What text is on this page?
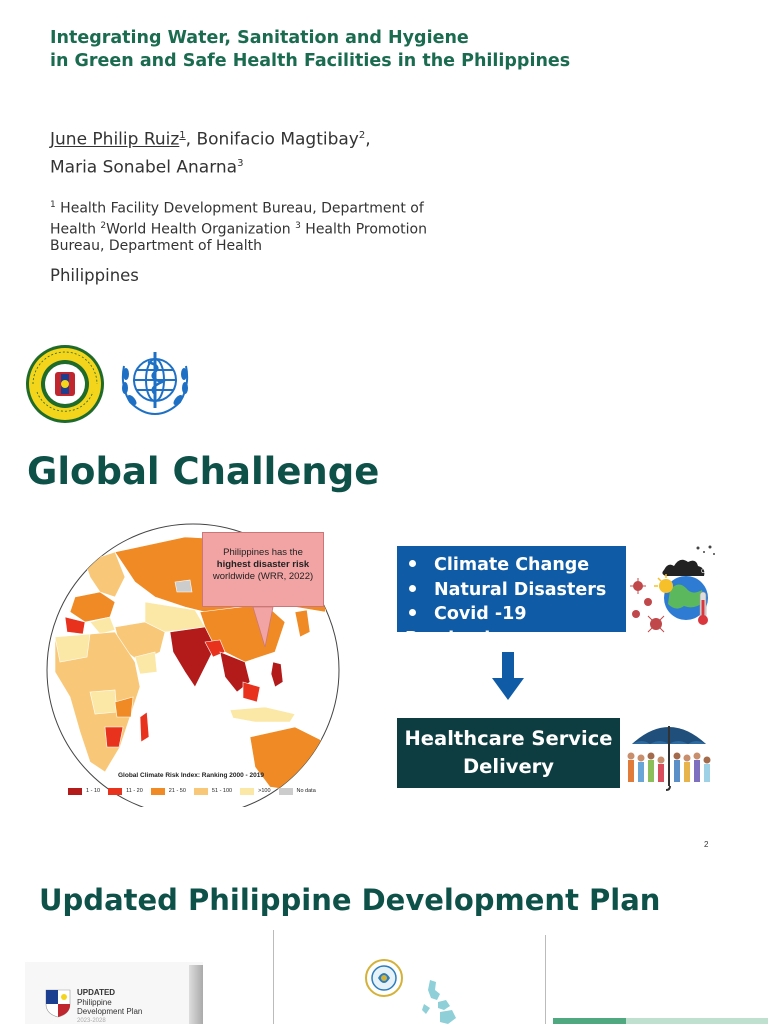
Integrating Water, Sanitation and Hygiene
in Green and Safe Health Facilities in the Philippines
June Philip Ruiz$^1$, Bonifacio Magtibay$^2$,
Maria Sonabel Anarna$^3$
$^1$ Health Facility Development Bureau, Department of Health $^2$World Health Organization $^3$ Health Promotion Bureau, Department of Health
Philippines
Global Challenge
Philippines has the
highest disaster risk
worldwide (WRR, 2022)
Global Climate Risk Index: Ranking 2000 - 2019
1 - 10	11 - 20	21 - 50	51 - 100	>100	No data
Climate Change
Natural Disasters
Covid -19 Pandemic
CO2
Healthcare Service
Delivery
2
Updated Philippine Development Plan
UPDATED
Philippine
Development Plan
2023-2028
